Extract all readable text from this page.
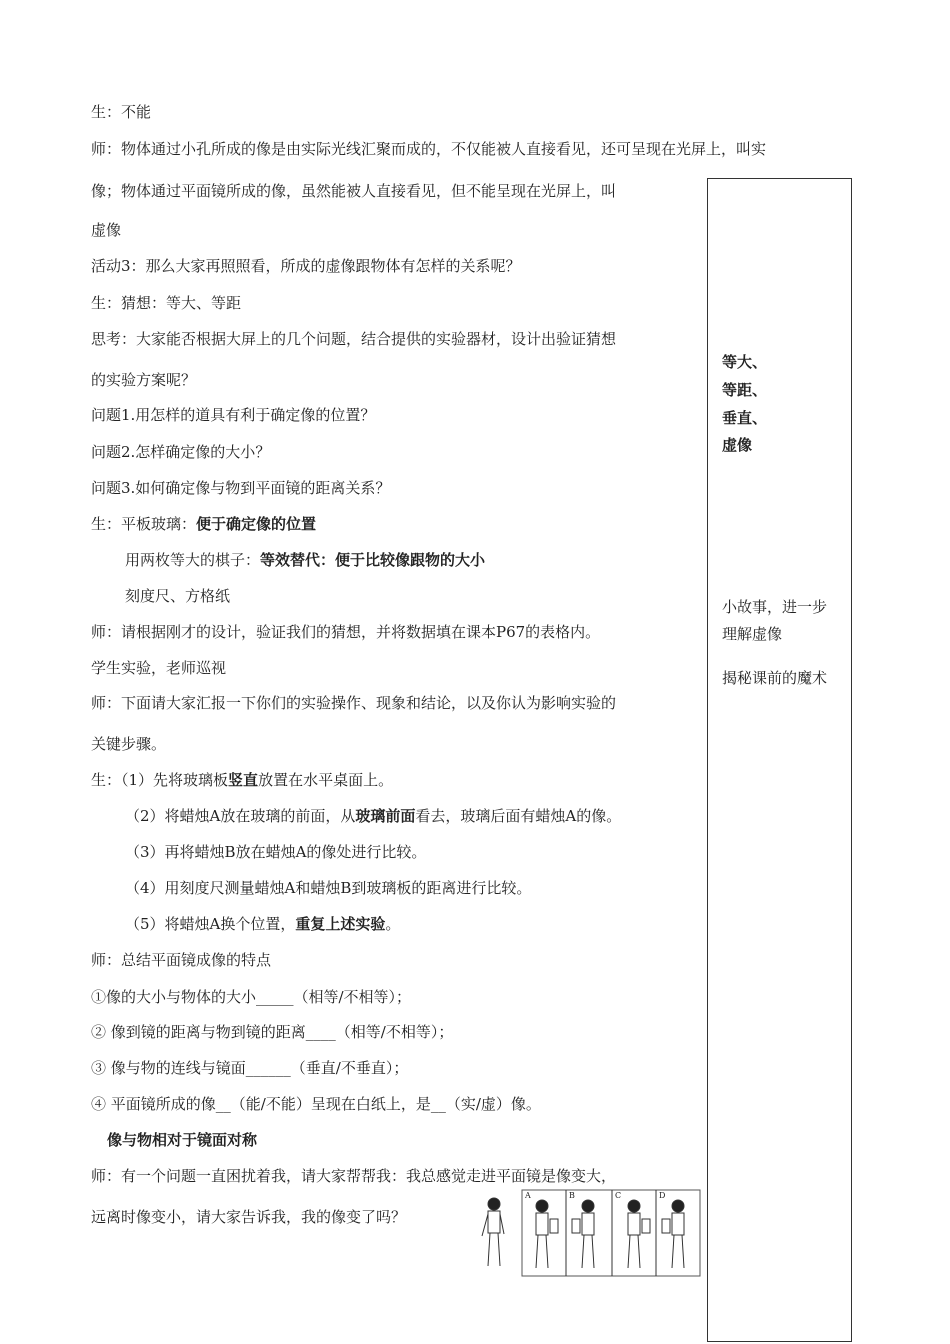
生：不能
师：物体通过小孔所成的像是由实际光线汇聚而成的，不仅能被人直接看见，还可呈现在光屏上，叫实
像；物体通过平面镜所成的像，虽然能被人直接看见，但不能呈现在光屏上，叫
虚像
活动3：那么大家再照照看，所成的虚像跟物体有怎样的关系呢？
生：猜想：等大、等距
思考：大家能否根据大屏上的几个问题，结合提供的实验器材，设计出验证猜想
的实验方案呢？
问题1.用怎样的道具有利于确定像的位置？
问题2.怎样确定像的大小？
问题3.如何确定像与物到平面镜的距离关系？
生：平板玻璃：便于确定像的位置
用两枚等大的棋子：等效替代：便于比较像跟物的大小
刻度尺、方格纸
师：请根据刚才的设计，验证我们的猜想，并将数据填在课本P67的表格内。
学生实验，老师巡视
师：下面请大家汇报一下你们的实验操作、现象和结论，以及你认为影响实验的
关键步骤。
生：（1）先将玻璃板竖直放置在水平桌面上。
（2）将蜡烛A放在玻璃的前面，从玻璃前面看去，玻璃后面有蜡烛A的像。
（3）再将蜡烛B放在蜡烛A的像处进行比较。
（4）用刻度尺测量蜡烛A和蜡烛B到玻璃板的距离进行比较。
（5）将蜡烛A换个位置，重复上述实验。
师：总结平面镜成像的特点
①像的大小与物体的大小_____（相等/不相等）；
② 像到镜的距离与物到镜的距离____（相等/不相等）；
③ 像与物的连线与镜面______（垂直/不垂直）；
④ 平面镜所成的像__（能/不能）呈现在白纸上，是__（实/虚）像。
像与物相对于镜面对称
师：有一个问题一直困扰着我，请大家帮帮我：我总感觉走进平面镜是像变大，
远离时像变小，请大家告诉我，我的像变了吗？
等大、
等距、
垂直、
虚像
小故事，进一步
理解虚像
揭秘课前的魔术
A	B	C	D
